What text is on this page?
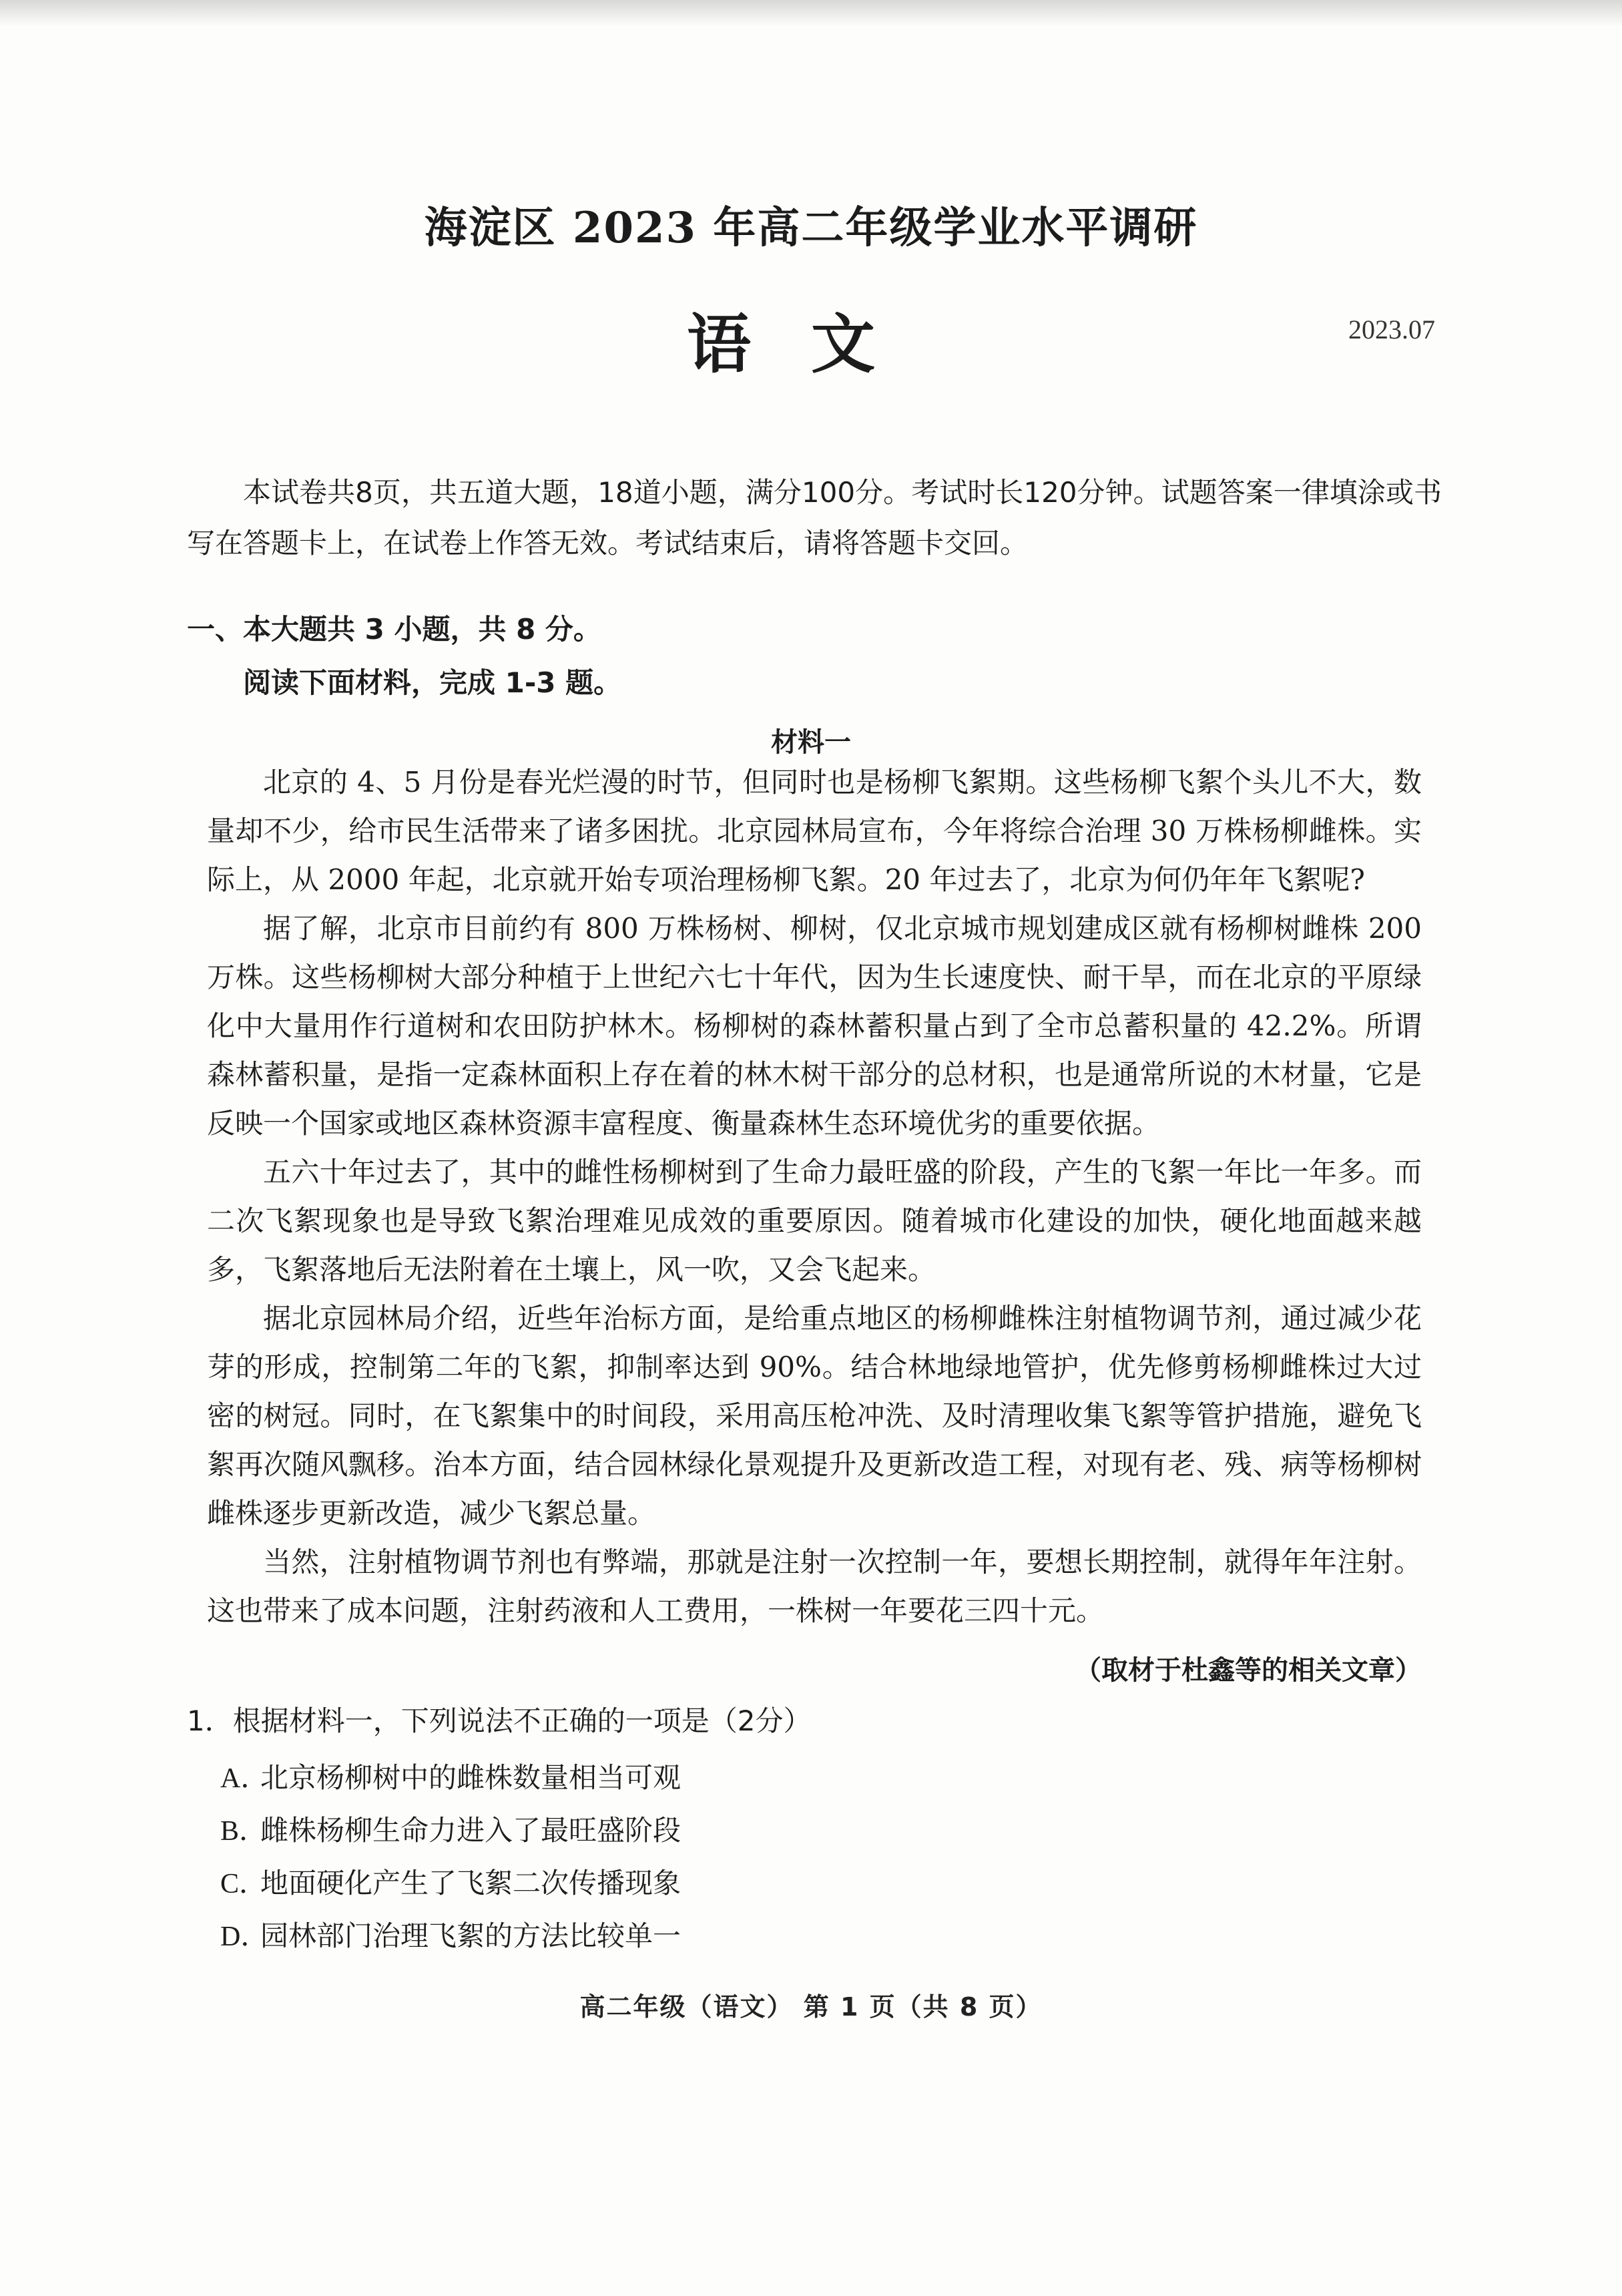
海淀区 2023 年高二年级学业水平调研
语文	2023.07
本试卷共8页，共五道大题，18道小题，满分100分。考试时长120分钟。试题答案一律填涂或书写在答题卡上，在试卷上作答无效。考试结束后，请将答题卡交回。
一、本大题共 3 小题，共 8 分。
阅读下面材料，完成 1-3 题。
材料一

北京的 4、5 月份是春光烂漫的时节，但同时也是杨柳飞絮期。这些杨柳飞絮个头儿不大，数量却不少，给市民生活带来了诸多困扰。北京园林局宣布，今年将综合治理 30 万株杨柳雌株。实际上，从 2000 年起，北京就开始专项治理杨柳飞絮。20 年过去了，北京为何仍年年飞絮呢?

据了解，北京市目前约有 800 万株杨树、柳树，仅北京城市规划建成区就有杨柳树雌株 200 万株。这些杨柳树大部分种植于上世纪六七十年代，因为生长速度快、耐干旱，而在北京的平原绿化中大量用作行道树和农田防护林木。杨柳树的森林蓄积量占到了全市总蓄积量的 42.2%。所谓森林蓄积量，是指一定森林面积上存在着的林木树干部分的总材积，也是通常所说的木材量，它是反映一个国家或地区森林资源丰富程度、衡量森林生态环境优劣的重要依据。

五六十年过去了，其中的雌性杨柳树到了生命力最旺盛的阶段，产生的飞絮一年比一年多。而二次飞絮现象也是导致飞絮治理难见成效的重要原因。随着城市化建设的加快，硬化地面越来越多，飞絮落地后无法附着在土壤上，风一吹，又会飞起来。

据北京园林局介绍，近些年治标方面，是给重点地区的杨柳雌株注射植物调节剂，通过减少花芽的形成，控制第二年的飞絮，抑制率达到 90%。结合林地绿地管护，优先修剪杨柳雌株过大过密的树冠。同时，在飞絮集中的时间段，采用高压枪冲洗、及时清理收集飞絮等管护措施，避免飞絮再次随风飘移。治本方面，结合园林绿化景观提升及更新改造工程，对现有老、残、病等杨柳树雌株逐步更新改造，减少飞絮总量。

当然，注射植物调节剂也有弊端，那就是注射一次控制一年，要想长期控制，就得年年注射。这也带来了成本问题，注射药液和人工费用，一株树一年要花三四十元。

（取材于杜鑫等的相关文章）
1．根据材料一，下列说法不正确的一项是（2分）
A．北京杨柳树中的雌株数量相当可观
B．雌株杨柳生命力进入了最旺盛阶段
C．地面硬化产生了飞絮二次传播现象
D．园林部门治理飞絮的方法比较单一
高二年级（语文） 第 1 页（共 8 页）
